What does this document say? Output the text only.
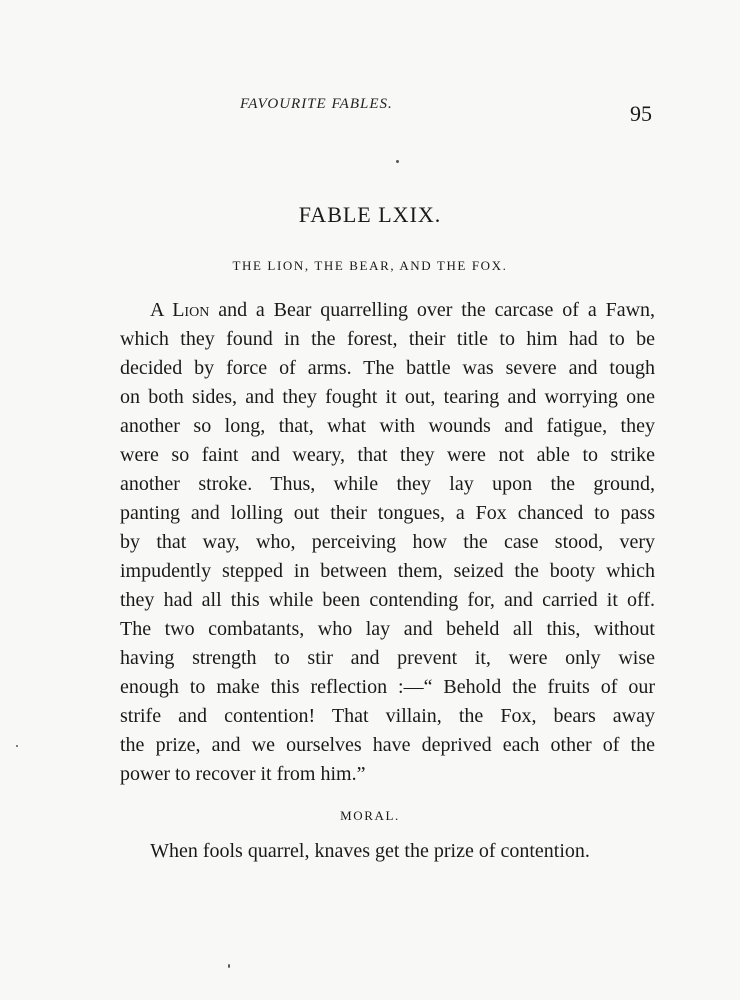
FAVOURITE FABLES.	95
FABLE LXIX.
THE LION, THE BEAR, AND THE FOX.
A Lion and a Bear quarrelling over the carcase of a Fawn,
which they found in the forest, their title to him had to be
decided by force of arms. The battle was severe and tough
on both sides, and they fought it out, tearing and worrying one
another so long, that, what with wounds and fatigue, they
were so faint and weary, that they were not able to strike
another stroke. Thus, while they lay upon the ground,
panting and lolling out their tongues, a Fox chanced to pass
by that way, who, perceiving how the case stood, very
impudently stepped in between them, seized the booty which
they had all this while been contending for, and carried it off.
The two combatants, who lay and beheld all this, without
having strength to stir and prevent it, were only wise
enough to make this reflection :—“ Behold the fruits of our
strife and contention! That villain, the Fox, bears away
the prize, and we ourselves have deprived each other of the
power to recover it from him.”
MORAL.
When fools quarrel, knaves get the prize of contention.
